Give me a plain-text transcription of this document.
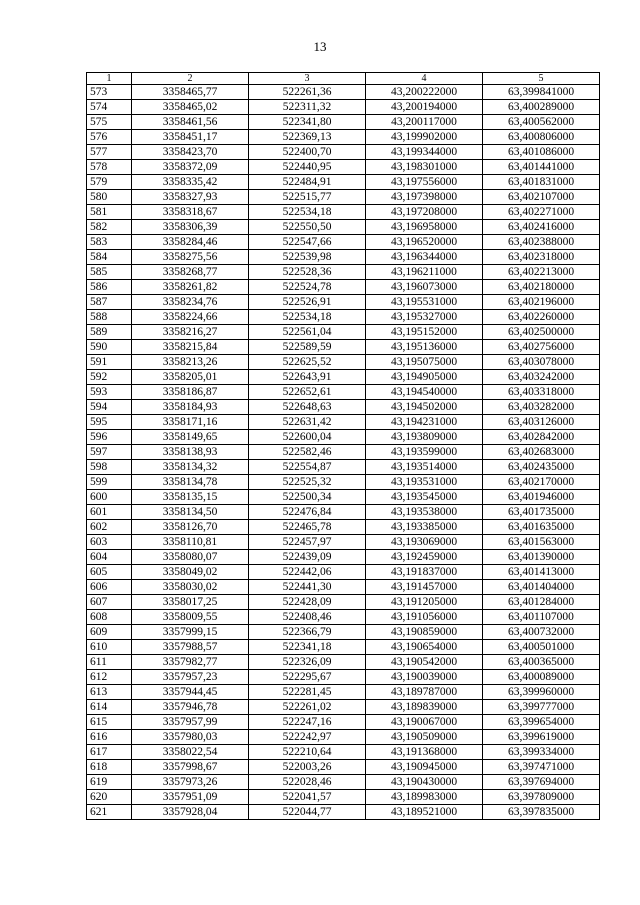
13
1	2	3	4	5
573	3358465,77	522261,36	43,200222000	63,399841000
574	3358465,02	522311,32	43,200194000	63,400289000
575	3358461,56	522341,80	43,200117000	63,400562000
576	3358451,17	522369,13	43,199902000	63,400806000
577	3358423,70	522400,70	43,199344000	63,401086000
578	3358372,09	522440,95	43,198301000	63,401441000
579	3358335,42	522484,91	43,197556000	63,401831000
580	3358327,93	522515,77	43,197398000	63,402107000
581	3358318,67	522534,18	43,197208000	63,402271000
582	3358306,39	522550,50	43,196958000	63,402416000
583	3358284,46	522547,66	43,196520000	63,402388000
584	3358275,56	522539,98	43,196344000	63,402318000
585	3358268,77	522528,36	43,196211000	63,402213000
586	3358261,82	522524,78	43,196073000	63,402180000
587	3358234,76	522526,91	43,195531000	63,402196000
588	3358224,66	522534,18	43,195327000	63,402260000
589	3358216,27	522561,04	43,195152000	63,402500000
590	3358215,84	522589,59	43,195136000	63,402756000
591	3358213,26	522625,52	43,195075000	63,403078000
592	3358205,01	522643,91	43,194905000	63,403242000
593	3358186,87	522652,61	43,194540000	63,403318000
594	3358184,93	522648,63	43,194502000	63,403282000
595	3358171,16	522631,42	43,194231000	63,403126000
596	3358149,65	522600,04	43,193809000	63,402842000
597	3358138,93	522582,46	43,193599000	63,402683000
598	3358134,32	522554,87	43,193514000	63,402435000
599	3358134,78	522525,32	43,193531000	63,402170000
600	3358135,15	522500,34	43,193545000	63,401946000
601	3358134,50	522476,84	43,193538000	63,401735000
602	3358126,70	522465,78	43,193385000	63,401635000
603	3358110,81	522457,97	43,193069000	63,401563000
604	3358080,07	522439,09	43,192459000	63,401390000
605	3358049,02	522442,06	43,191837000	63,401413000
606	3358030,02	522441,30	43,191457000	63,401404000
607	3358017,25	522428,09	43,191205000	63,401284000
608	3358009,55	522408,46	43,191056000	63,401107000
609	3357999,15	522366,79	43,190859000	63,400732000
610	3357988,57	522341,18	43,190654000	63,400501000
611	3357982,77	522326,09	43,190542000	63,400365000
612	3357957,23	522295,67	43,190039000	63,400089000
613	3357944,45	522281,45	43,189787000	63,399960000
614	3357946,78	522261,02	43,189839000	63,399777000
615	3357957,99	522247,16	43,190067000	63,399654000
616	3357980,03	522242,97	43,190509000	63,399619000
617	3358022,54	522210,64	43,191368000	63,399334000
618	3357998,67	522003,26	43,190945000	63,397471000
619	3357973,26	522028,46	43,190430000	63,397694000
620	3357951,09	522041,57	43,189983000	63,397809000
621	3357928,04	522044,77	43,189521000	63,397835000
